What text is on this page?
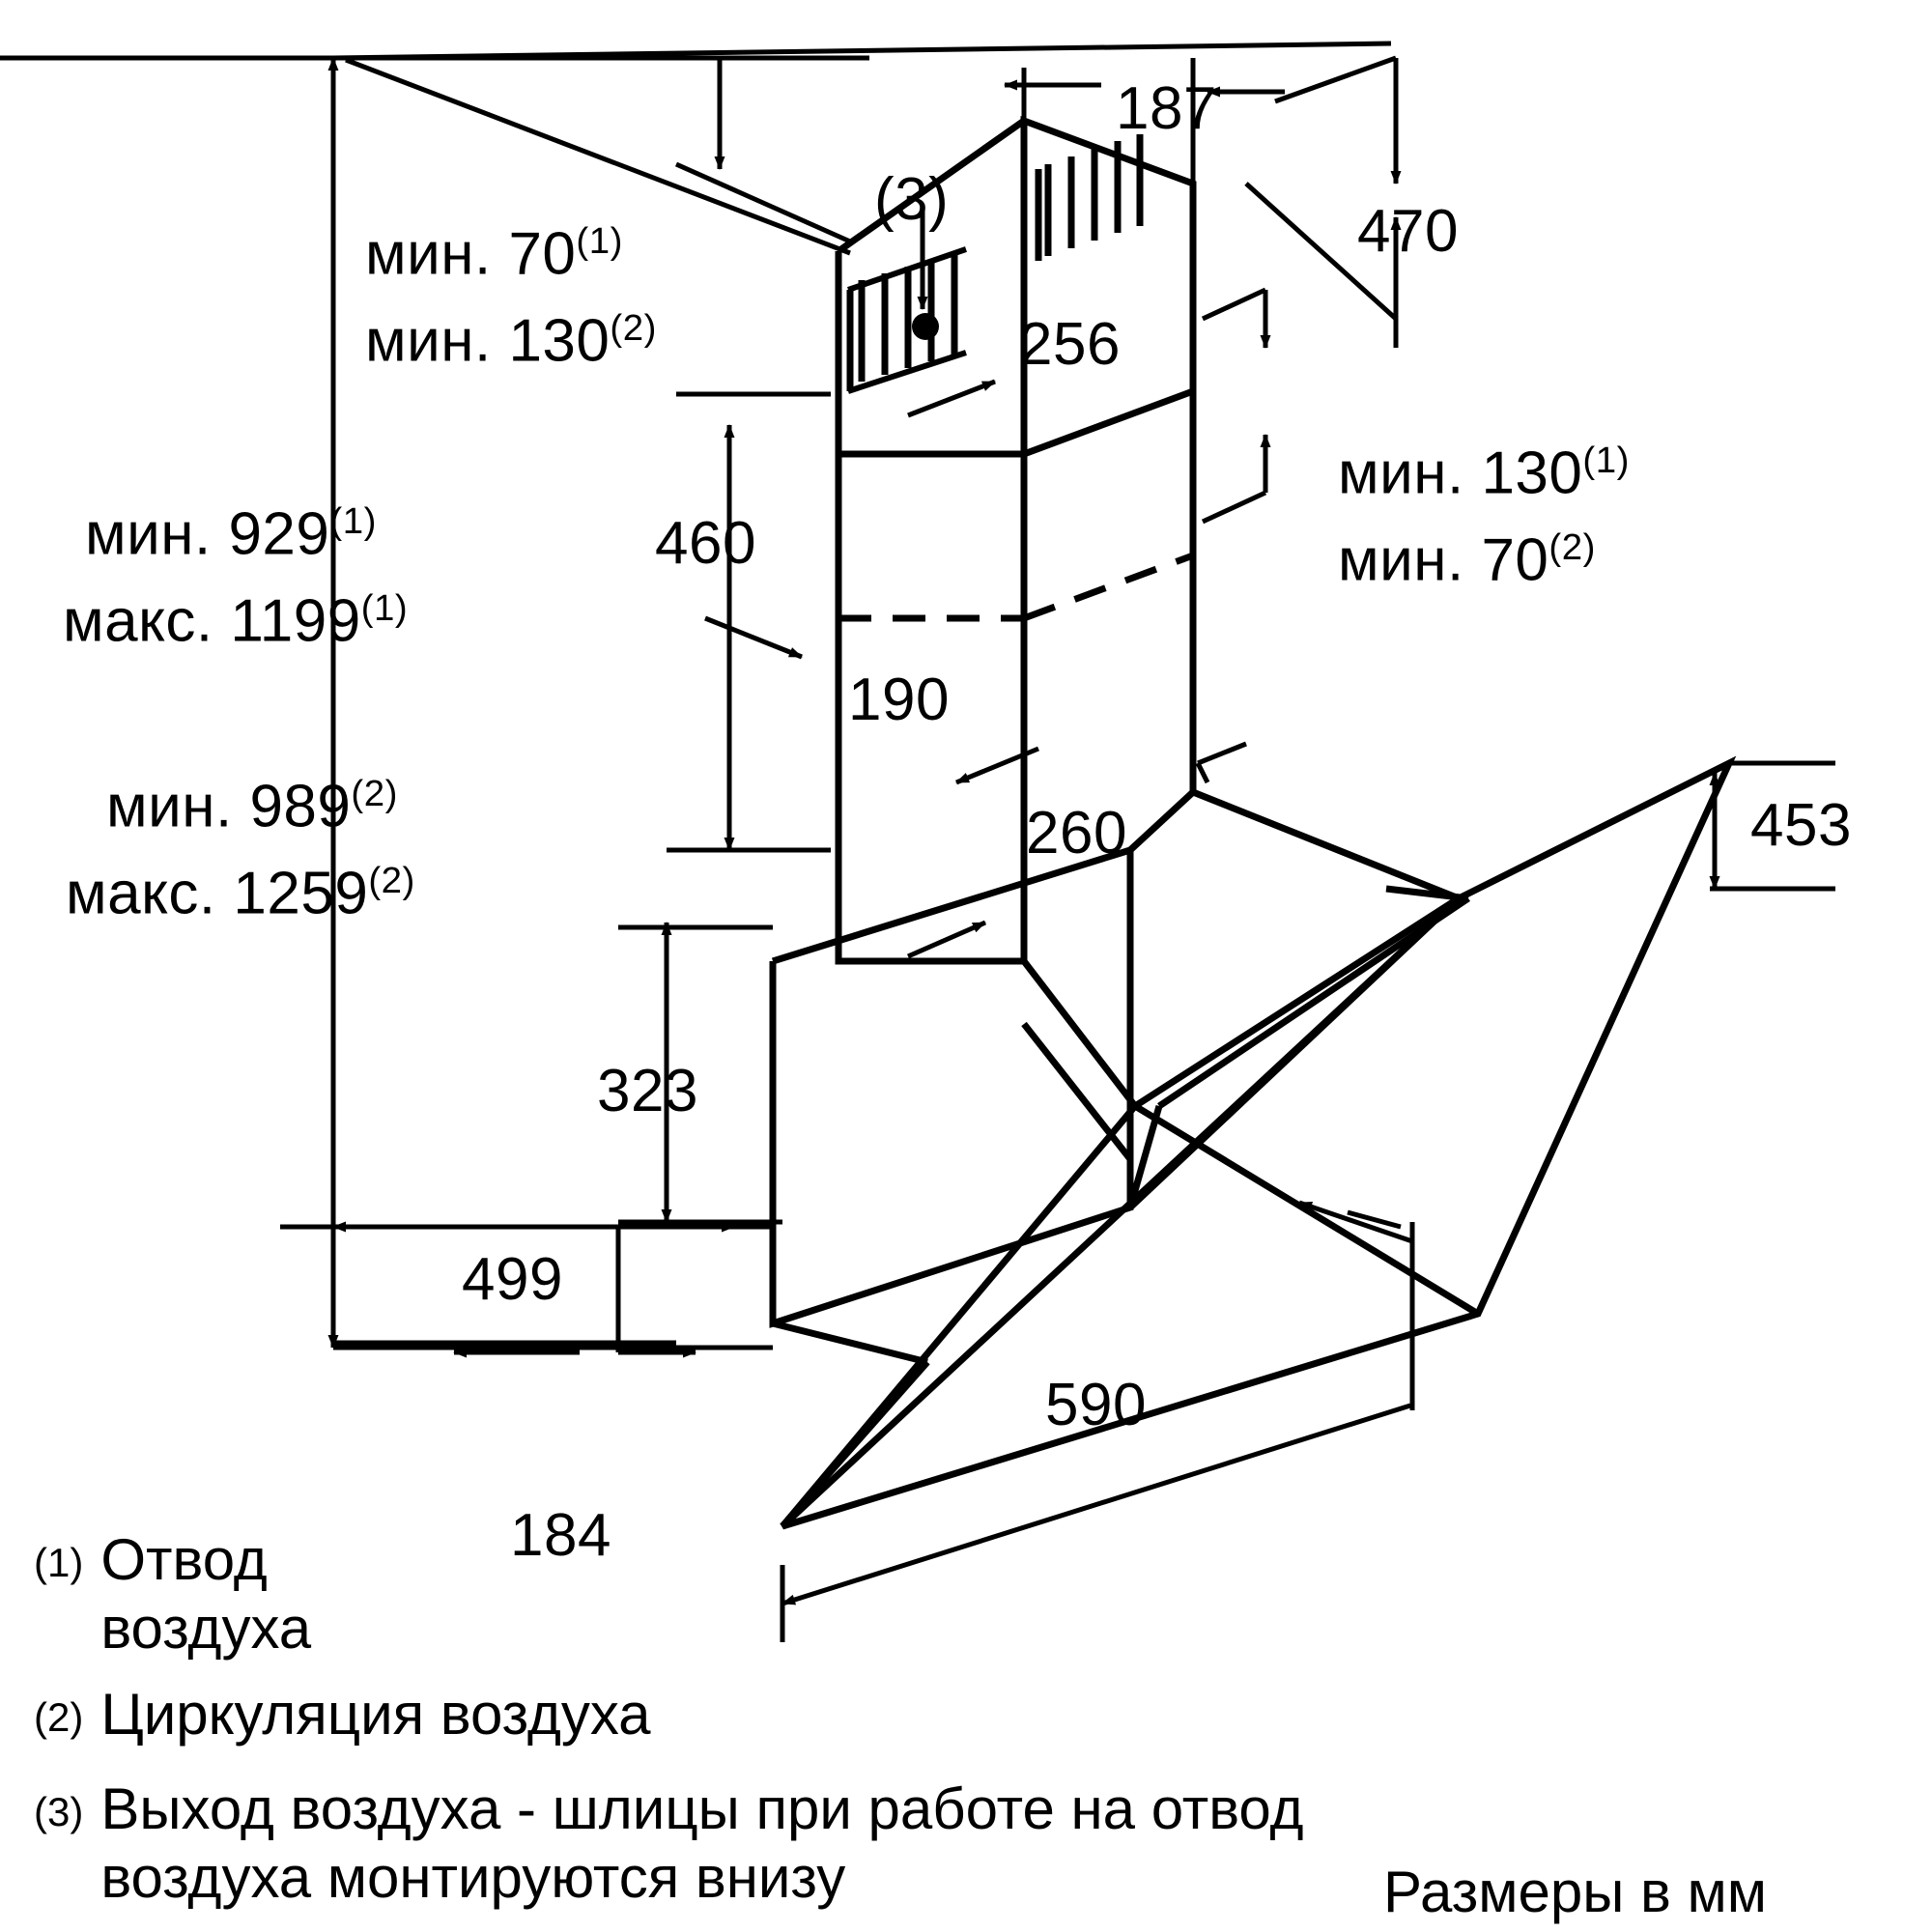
мин. 70$^{(1)}$
мин. 130$^{(2)}$
мин. 929$^{(1)}$
макс. 1199$^{(1)}$
мин. 989$^{(2)}$
макс. 1259$^{(2)}$
(3)
187
470
256
мин. 130$^{(1)}$
мин. 70$^{(2)}$
460
190
260	453
323
499
184
590
(1) Отвод
воздуха
(2) Циркуляция воздуха
(3) Выход воздуха - шлицы при работе на отвод
воздуха монтируются внизу	Размеры в мм
